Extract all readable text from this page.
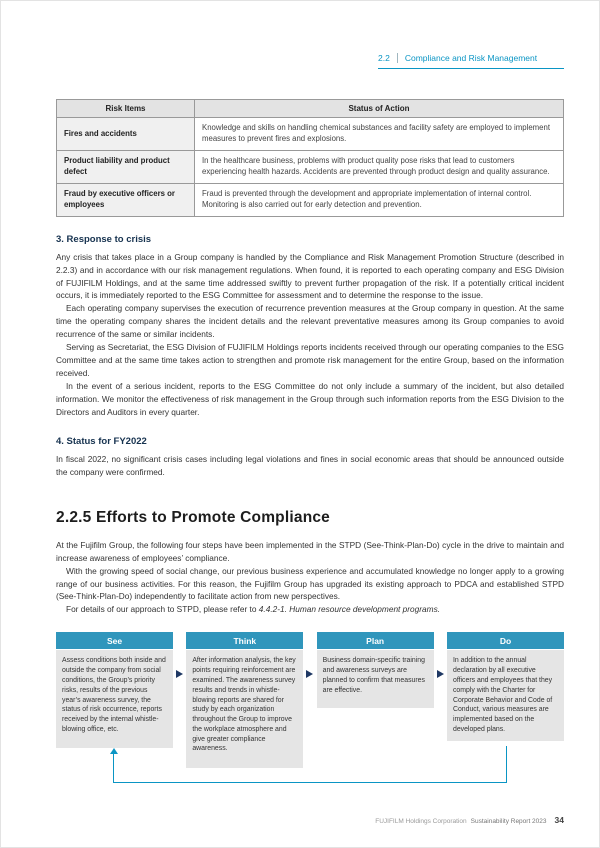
2.2 Compliance and Risk Management
Risk Items	Status of Action
Fires and accidents	Knowledge and skills on handling chemical substances and facility safety are employed to implement measures to prevent fires and explosions.
Product liability and product defect	In the healthcare business, problems with product quality pose risks that lead to customers experiencing health hazards. Accidents are prevented through product design and quality assurance.
Fraud by executive officers or employees	Fraud is prevented through the development and appropriate implementation of internal control. Monitoring is also carried out for early detection and prevention.
3. Response to crisis

Any crisis that takes place in a Group company is handled by the Compliance and Risk Management Promotion Structure (described in 2.2.3) and in accordance with our risk management regulations. When found, it is reported to each operating company and ESG Division of FUJIFILM Holdings, and at the same time addressed swiftly to prevent further propagation of the risk. If a potentially critical incident occurs, it is immediately reported to the ESG Committee for assessment and to determine the response to the issue.

Each operating company supervises the execution of recurrence prevention measures at the Group company in question. At the same time the operating company shares the incident details and the relevant preventative measures among its Group companies to avoid recurrence of the same or similar incidents.

Serving as Secretariat, the ESG Division of FUJIFILM Holdings reports incidents received through our operating companies to the ESG Committee and at the same time takes action to strengthen and promote risk management for the entire Group, based on the information received.

In the event of a serious incident, reports to the ESG Committee do not only include a summary of the incident, but also detailed information. We monitor the effectiveness of risk management in the Group through such information reports from the ESG Division to the Directors and Auditors in every quarter.

4. Status for FY2022

In fiscal 2022, no significant crisis cases including legal violations and fines in social economic areas that should be announced outside the company were confirmed.

2.2.5 Efforts to Promote Compliance

At the Fujifilm Group, the following four steps have been implemented in the STPD (See-Think-Plan-Do) cycle in the drive to maintain and increase awareness of employees’ compliance.

With the growing speed of social change, our previous business experience and accumulated knowledge no longer apply to a growing range of our business activities. For this reason, the Fujifilm Group has upgraded its existing approach to PDCA and established STPD (See-Think-Plan-Do) independently to facilitate action from new perspectives.

For details of our approach to STPD, please refer to 4.4.2-1. Human resource development programs.

See
Assess conditions both inside and outside the company from social conditions, the Group’s priority risks, results of the previous year’s awareness survey, the status of risk occurrence, reports received by the internal whistle-blowing office, etc.
Think
After information analysis, the key points requiring reinforcement are examined. The awareness survey results and trends in whistle-blowing reports are shared for study by each organization throughout the Group to improve the workplace atmosphere and give greater compliance awareness.
Plan
Business domain-specific training and awareness surveys are planned to confirm that measures are effective.
Do
In addition to the annual declaration by all executive officers and employees that they comply with the Charter for Corporate Behavior and Code of Conduct, various measures are implemented based on the developed plans.
FUJIFILM Holdings Corporation Sustainability Report 2023 34
